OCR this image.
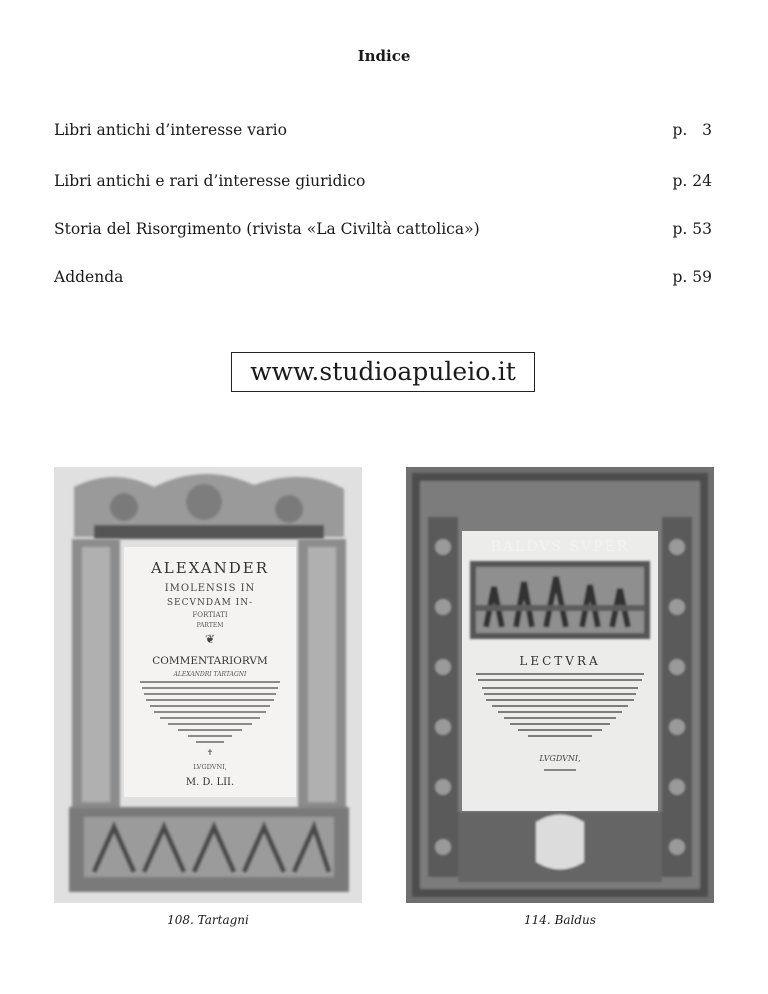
Indice
Libri antichi d’interesse vario	p.   3
Libri antichi e rari d’interesse giuridico	p. 24
Storia del Risorgimento (rivista «La Civiltà cattolica»)	p. 53
Addenda	p. 59
www.studioapuleio.it
ALEXANDER
IMOLENSIS IN
SECVNDAM IN-
FORTIATI
PARTEM
❦
COMMENTARIORVM
ALEXANDRI TARTAGNI
✝
LVGDVNI,
M. D. LII.
108. Tartagni
BALDVS SVPER
LECTVRA
LVGDVNI,
114. Baldus
